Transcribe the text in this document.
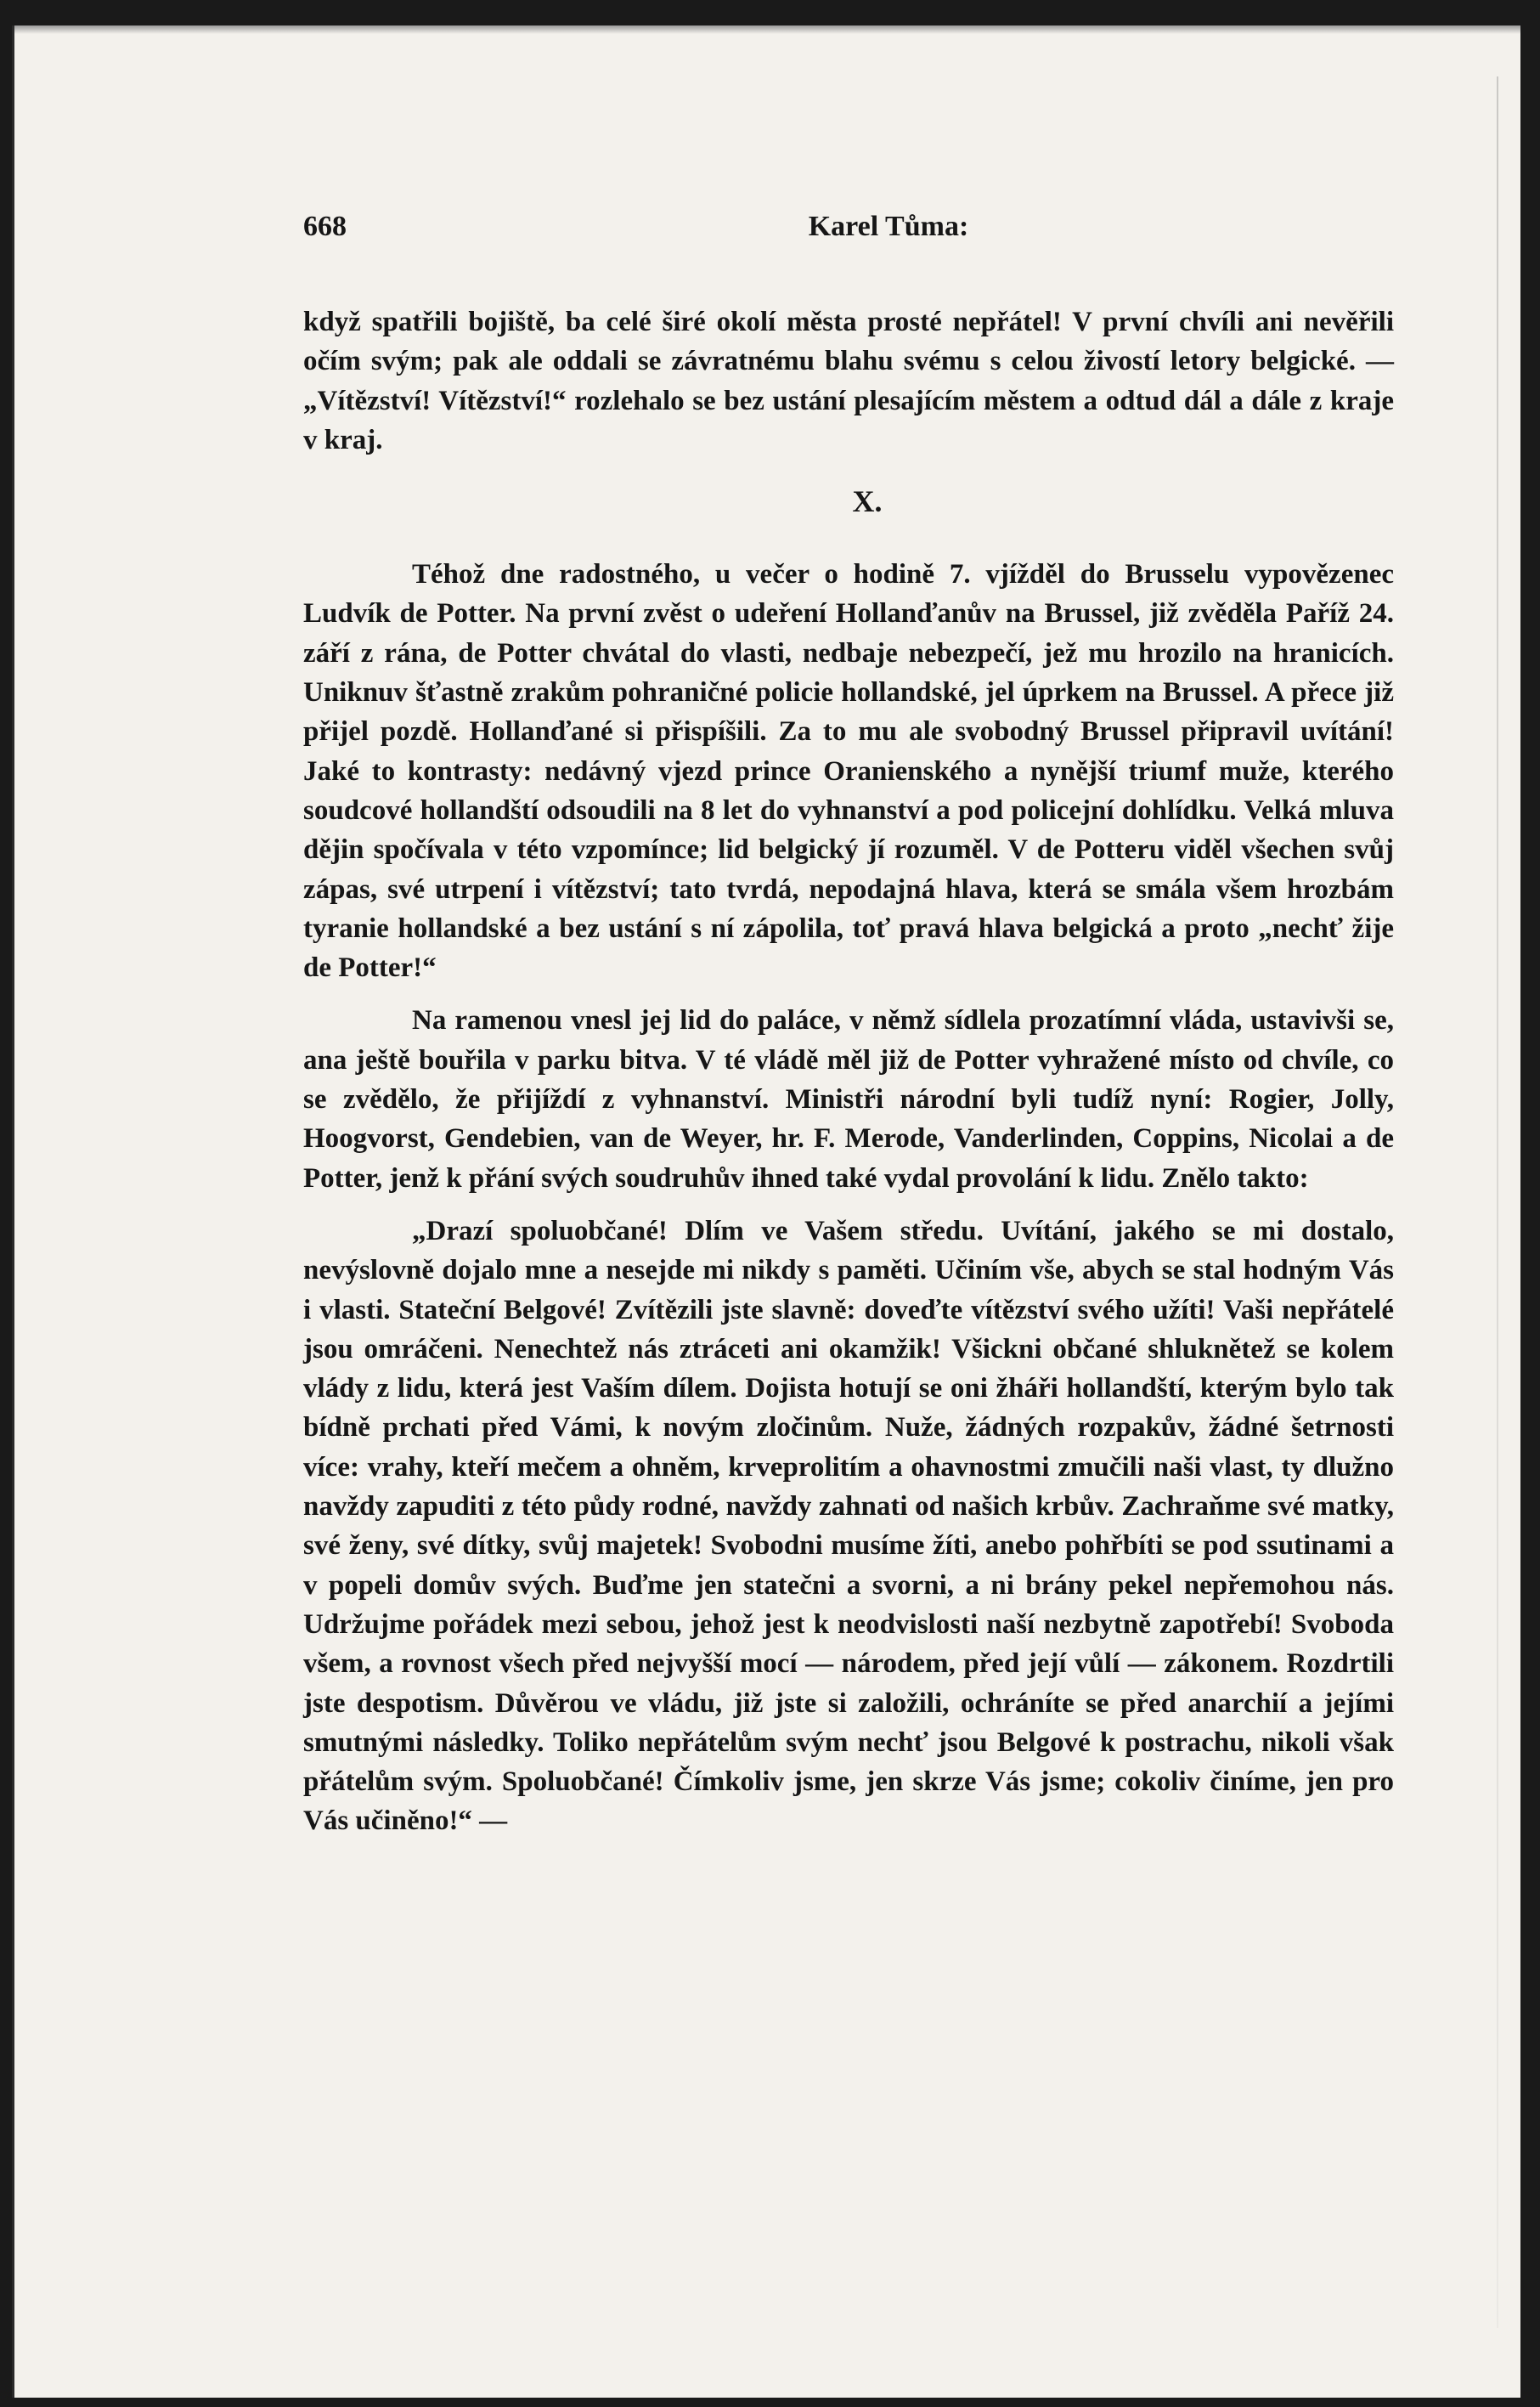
668	Karel Tůma:

když spatřili bojiště, ba celé širé okolí města prosté nepřátel! V první chvíli ani nevěřili očím svým; pak ale oddali se závratnému blahu svému s celou živostí letory belgické. — „Vítězství! Vítězství!“ rozlehalo se bez ustání plesajícím městem a odtud dál a dále z kraje v kraj.

X.

Téhož dne radostného, u večer o hodině 7. vjížděl do Brusselu vypovězenec Ludvík de Potter. Na první zvěst o udeření Hollanďanův na Brussel, již zvěděla Paříž 24. září z rána, de Potter chvátal do vlasti, nedbaje nebezpečí, jež mu hrozilo na hranicích. Uniknuv šťastně zrakům pohraničné policie hollandské, jel úprkem na Brussel. A přece již přijel pozdě. Hollanďané si přispíšili. Za to mu ale svobodný Brussel připravil uvítání! Jaké to kontrasty: nedávný vjezd prince Oranienského a nynější triumf muže, kterého soudcové hollandští odsoudili na 8 let do vyhnanství a pod policejní dohlídku. Velká mluva dějin spočívala v této vzpomínce; lid belgický jí rozuměl. V de Potteru viděl všechen svůj zápas, své utrpení i vítězství; tato tvrdá, nepodajná hlava, která se smála všem hrozbám tyranie hollandské a bez ustání s ní zápolila, toť pravá hlava belgická a proto „nechť žije de Potter!“

Na ramenou vnesl jej lid do paláce, v němž sídlela prozatímní vláda, ustavivši se, ana ještě bouřila v parku bitva. V té vládě měl již de Potter vyhražené místo od chvíle, co se zvědělo, že přijíždí z vyhnanství. Ministři národní byli tudíž nyní: Rogier, Jolly, Hoogvorst, Gendebien, van de Weyer, hr. F. Merode, Vanderlinden, Coppins, Nicolai a de Potter, jenž k přání svých soudruhův ihned také vydal provolání k lidu. Znělo takto:

„Drazí spoluobčané! Dlím ve Vašem středu. Uvítání, jakého se mi dostalo, nevýslovně dojalo mne a nesejde mi nikdy s paměti. Učiním vše, abych se stal hodným Vás i vlasti. Stateční Belgové! Zvítězili jste slavně: doveďte vítězství svého užíti! Vaši nepřátelé jsou omráčeni. Nenechtež nás ztráceti ani okamžik! Všickni občané shluknětež se kolem vlády z lidu, která jest Vaším dílem. Dojista hotují se oni žháři hollandští, kterým bylo tak bídně prchati před Vámi, k novým zločinům. Nuže, žádných rozpakův, žádné šetrnosti více: vrahy, kteří mečem a ohněm, krveprolitím a ohavnostmi zmučili naši vlast, ty dlužno navždy zapuditi z této půdy rodné, navždy zahnati od našich krbův. Zachraňme své matky, své ženy, své dítky, svůj majetek! Svobodni musíme žíti, anebo pohřbíti se pod ssutinami a v popeli domův svých. Buďme jen statečni a svorni, a ni brány pekel nepřemohou nás. Udržujme pořádek mezi sebou, jehož jest k neodvislosti naší nezbytně zapotřebí! Svoboda všem, a rovnost všech před nejvyšší mocí — národem, před její vůlí — zákonem. Rozdrtili jste despotism. Důvěrou ve vládu, již jste si založili, ochráníte se před anarchií a jejími smutnými následky. Toliko nepřátelům svým nechť jsou Belgové k postrachu, nikoli však přátelům svým. Spoluobčané! Čímkoliv jsme, jen skrze Vás jsme; cokoliv činíme, jen pro Vás učiněno!“ —
